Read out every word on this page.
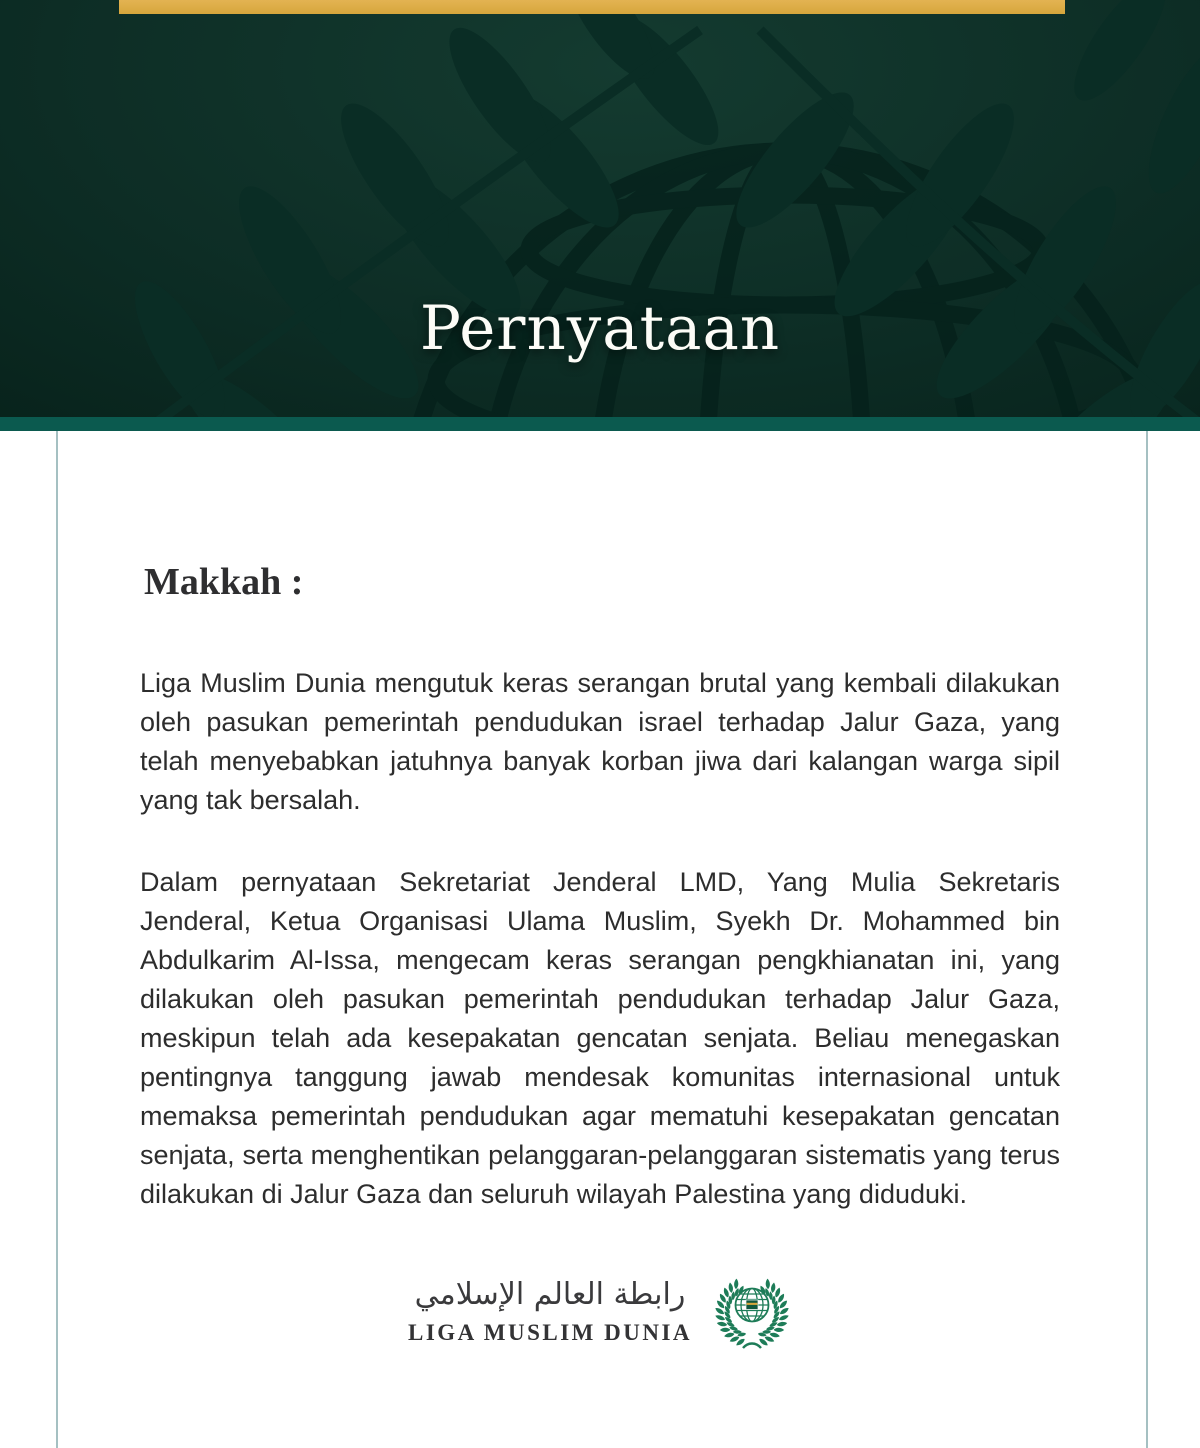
Pernyataan
Makkah :

Liga Muslim Dunia mengutuk keras serangan brutal yang kembali dilakukan oleh pasukan pemerintah pendudukan israel terhadap Jalur Gaza, yang telah menyebabkan jatuhnya banyak korban jiwa dari kalangan warga sipil yang tak bersalah.

Dalam pernyataan Sekretariat Jenderal LMD, Yang Mulia Sekretaris Jenderal, Ketua Organisasi Ulama Muslim, Syekh Dr. Mohammed bin Abdulkarim Al-Issa, mengecam keras serangan pengkhianatan ini, yang dilakukan oleh pasukan pemerintah pendudukan terhadap Jalur Gaza, meskipun telah ada kesepakatan gencatan senjata. Beliau menegaskan pentingnya tanggung jawab mendesak komunitas internasional untuk memaksa pemerintah pendudukan agar mematuhi kesepakatan gencatan senjata, serta menghentikan pelanggaran-pelanggaran sistematis yang terus dilakukan di Jalur Gaza dan seluruh wilayah Palestina yang diduduki.

رابطة العالم الإسلامي
LIGA MUSLIM DUNIA
